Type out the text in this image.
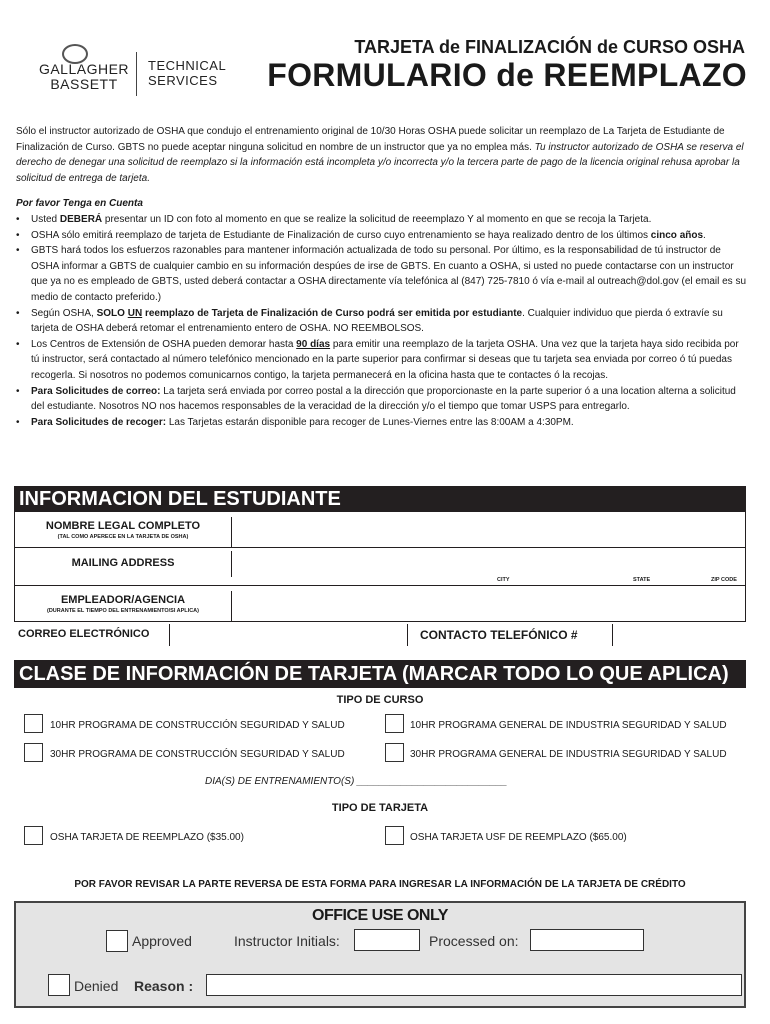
GALLAGHER
BASSETT
TECHNICAL
SERVICES
TARJETA de FINALIZACIÓN de CURSO OSHA
FORMULARIO de REEMPLAZO

Sólo el instructor autorizado de OSHA que condujo el entrenamiento original de 10/30 Horas OSHA puede solicitar un reemplazo de La Tarjeta de Estudiante de Finalización de Curso. GBTS no puede aceptar ninguna solicitud en nombre de un instructor que ya no emplea más. Tu instructor autorizado de OSHA se reserva el derecho de denegar una solicitud de reemplazo si la información está incompleta y/o incorrecta y/o la tercera parte de pago de la licencia original rehusa aprobar la solicitud de entrega de tarjeta.

Por favor Tenga en Cuenta

• Usted DEBERÁ presentar un ID con foto al momento en que se realize la solicitud de reeemplazo Y al momento en que se recoja la Tarjeta.
• OSHA sólo emitirá reemplazo de tarjeta de Estudiante de Finalización de curso cuyo entrenamiento se haya realizado dentro de los últimos cinco años.
• GBTS hará todos los esfuerzos razonables para mantener información actualizada de todo su personal. Por último, es la responsabilidad de tú instructor de OSHA informar a GBTS de cualquier cambio en su información despúes de irse de GBTS. En cuanto a OSHA, si usted no puede contactarse con un instructor que ya no es empleado de GBTS, usted deberá contactar a OSHA directamente vía telefónica al (847) 725-7810 ó vía e-mail al outreach@dol.gov (el email es su medio de contacto preferido.)
• Según OSHA, SOLO UN reemplazo de Tarjeta de Finalización de Curso podrá ser emitida por estudiante. Cualquier individuo que pierda ó extravíe su tarjeta de OSHA deberá retomar el entrenamiento entero de OSHA. NO REEMBOLSOS.
• Los Centros de Extensión de OSHA pueden demorar hasta 90 días para emitir una reemplazo de la tarjeta OSHA. Una vez que la tarjeta haya sido recibida por tú instructor, será contactado al número telefónico mencionado en la parte superior para confirmar si deseas que tu tarjeta sea enviada por correo ó tú puedas recogerla. Si nosotros no podemos comunicarnos contigo, la tarjeta permanecerá en la oficina hasta que te contactes ó la recojas.
• Para Solicitudes de correo: La tarjeta será enviada por correo postal a la dirección que proporcionaste en la parte superior ó a una location alterna a solicitud del estudiante. Nosotros NO nos hacemos responsables de la veracidad de la dirección y/o el tiempo que tomar USPS para entregarlo.
• Para Solicitudes de recoger: Las Tarjetas estarán disponible para recoger de Lunes-Viernes entre las 8:00AM a 4:30PM.
INFORMACION DEL ESTUDIANTE
NOMBRE LEGAL COMPLETO
(TAL COMO APERECE EN LA TARJETA DE OSHA)
MAILING ADDRESS
CITY	STATE	ZIP CODE
EMPLEADOR/AGENCIA
(DURANTE EL TIEMPO DEL ENTRENAMIENTO/SI APLICA)
CORREO ELECTRÓNICO	CONTACTO TELEFÓNICO #
CLASE DE INFORMACIÓN DE TARJETA (MARCAR TODO LO QUE APLICA)
TIPO DE CURSO
10HR PROGRAMA DE CONSTRUCCIÓN SEGURIDAD Y SALUD	10HR PROGRAMA GENERAL DE INDUSTRIA SEGURIDAD Y SALUD
30HR PROGRAMA DE CONSTRUCCIÓN SEGURIDAD Y SALUD	30HR PROGRAMA GENERAL DE INDUSTRIA SEGURIDAD Y SALUD
DIA(S) DE ENTRENAMIENTO(S) ___________________________
TIPO DE TARJETA
OSHA TARJETA DE REEMPLAZO ($35.00)	OSHA TARJETA USF DE REEMPLAZO ($65.00)
POR FAVOR REVISAR LA PARTE REVERSA DE ESTA FORMA PARA INGRESAR LA INFORMACIÓN DE LA TARJETA DE CRÉDITO
OFFICE USE ONLY
Approved	Instructor Initials:	Processed on:
Denied Reason :
